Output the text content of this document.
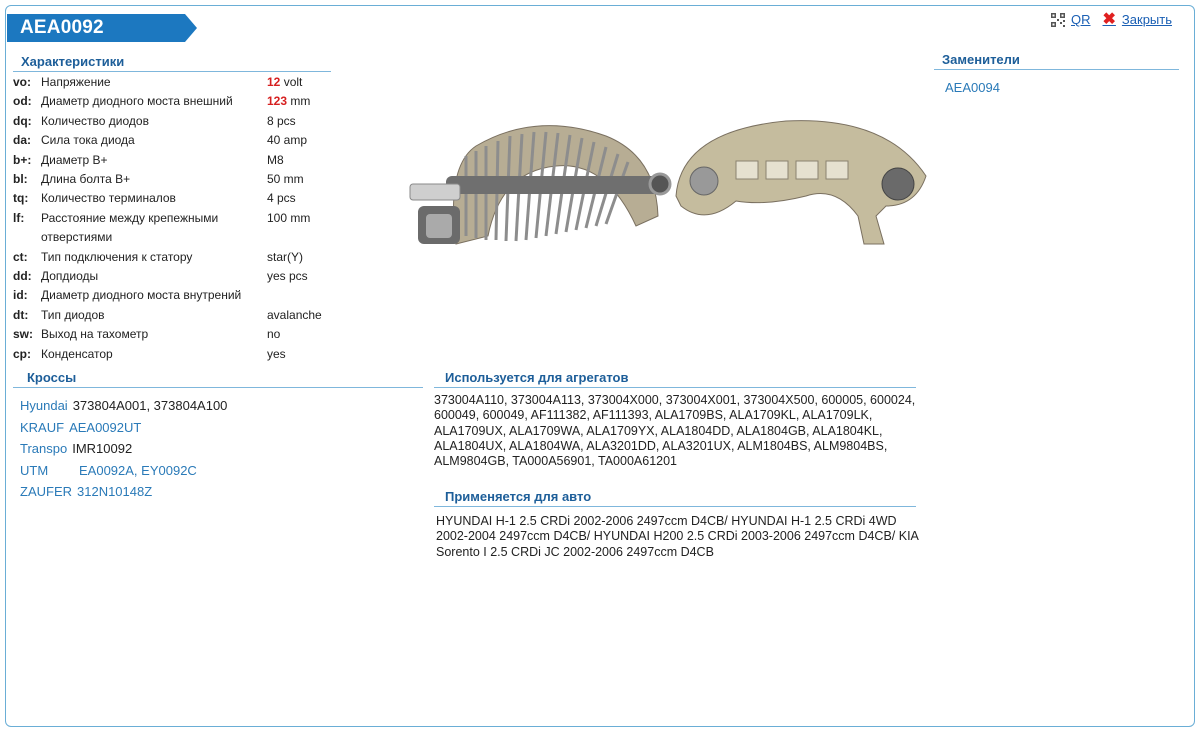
AEA0092	QR ✖ Закрыть
Характеристики
vo: Напряжение	12 volt
od: Диаметр диодного моста внешний	123 mm
dq: Количество диодов	8 pcs
da: Сила тока диода	40 amp
b+: Диаметр B+	M8
bl:	Длина болта B+	50 mm
tq:	Количество терминалов	4 pcs
lf:	Расстояние между крепежными	100 mm
отверстиями
ct:	Тип подключения к статору	star(Y)
dd: Допдиоды	yes pcs
id:	Диаметр диодного моста внутрений
dt:	Тип диодов	avalanche
sw: Выход на тахометр	no
cp: Конденсатор	yes
Кроссы
Hyundai 373804A001, 373804A100
KRAUF AEA0092UT
Transpo IMR10092
UTM	EA0092A, EY0092C
ZAUFER 312N10148Z
Используется для агрегатов
373004A110, 373004A113, 373004X000, 373004X001, 373004X500, 600005, 600024, 600049, 600049, AF111382, AF111393, ALA1709BS, ALA1709KL, ALA1709LK, ALA1709UX, ALA1709WA, ALA1709YX, ALA1804DD, ALA1804GB, ALA1804KL, ALA1804UX, ALA1804WA, ALA3201DD, ALA3201UX, ALM1804BS, ALM9804BS, ALM9804GB, TA000A56901, TA000A61201
Применяется для авто
HYUNDAI H-1 2.5 CRDi 2002-2006 2497ccm D4CB/ HYUNDAI H-1 2.5 CRDi 4WD 2002-2004 2497ccm D4CB/ HYUNDAI H200 2.5 CRDi 2003-2006 2497ccm D4CB/ KIA Sorento I 2.5 CRDi JC 2002-2006 2497ccm D4CB
Заменители
AEA0094
